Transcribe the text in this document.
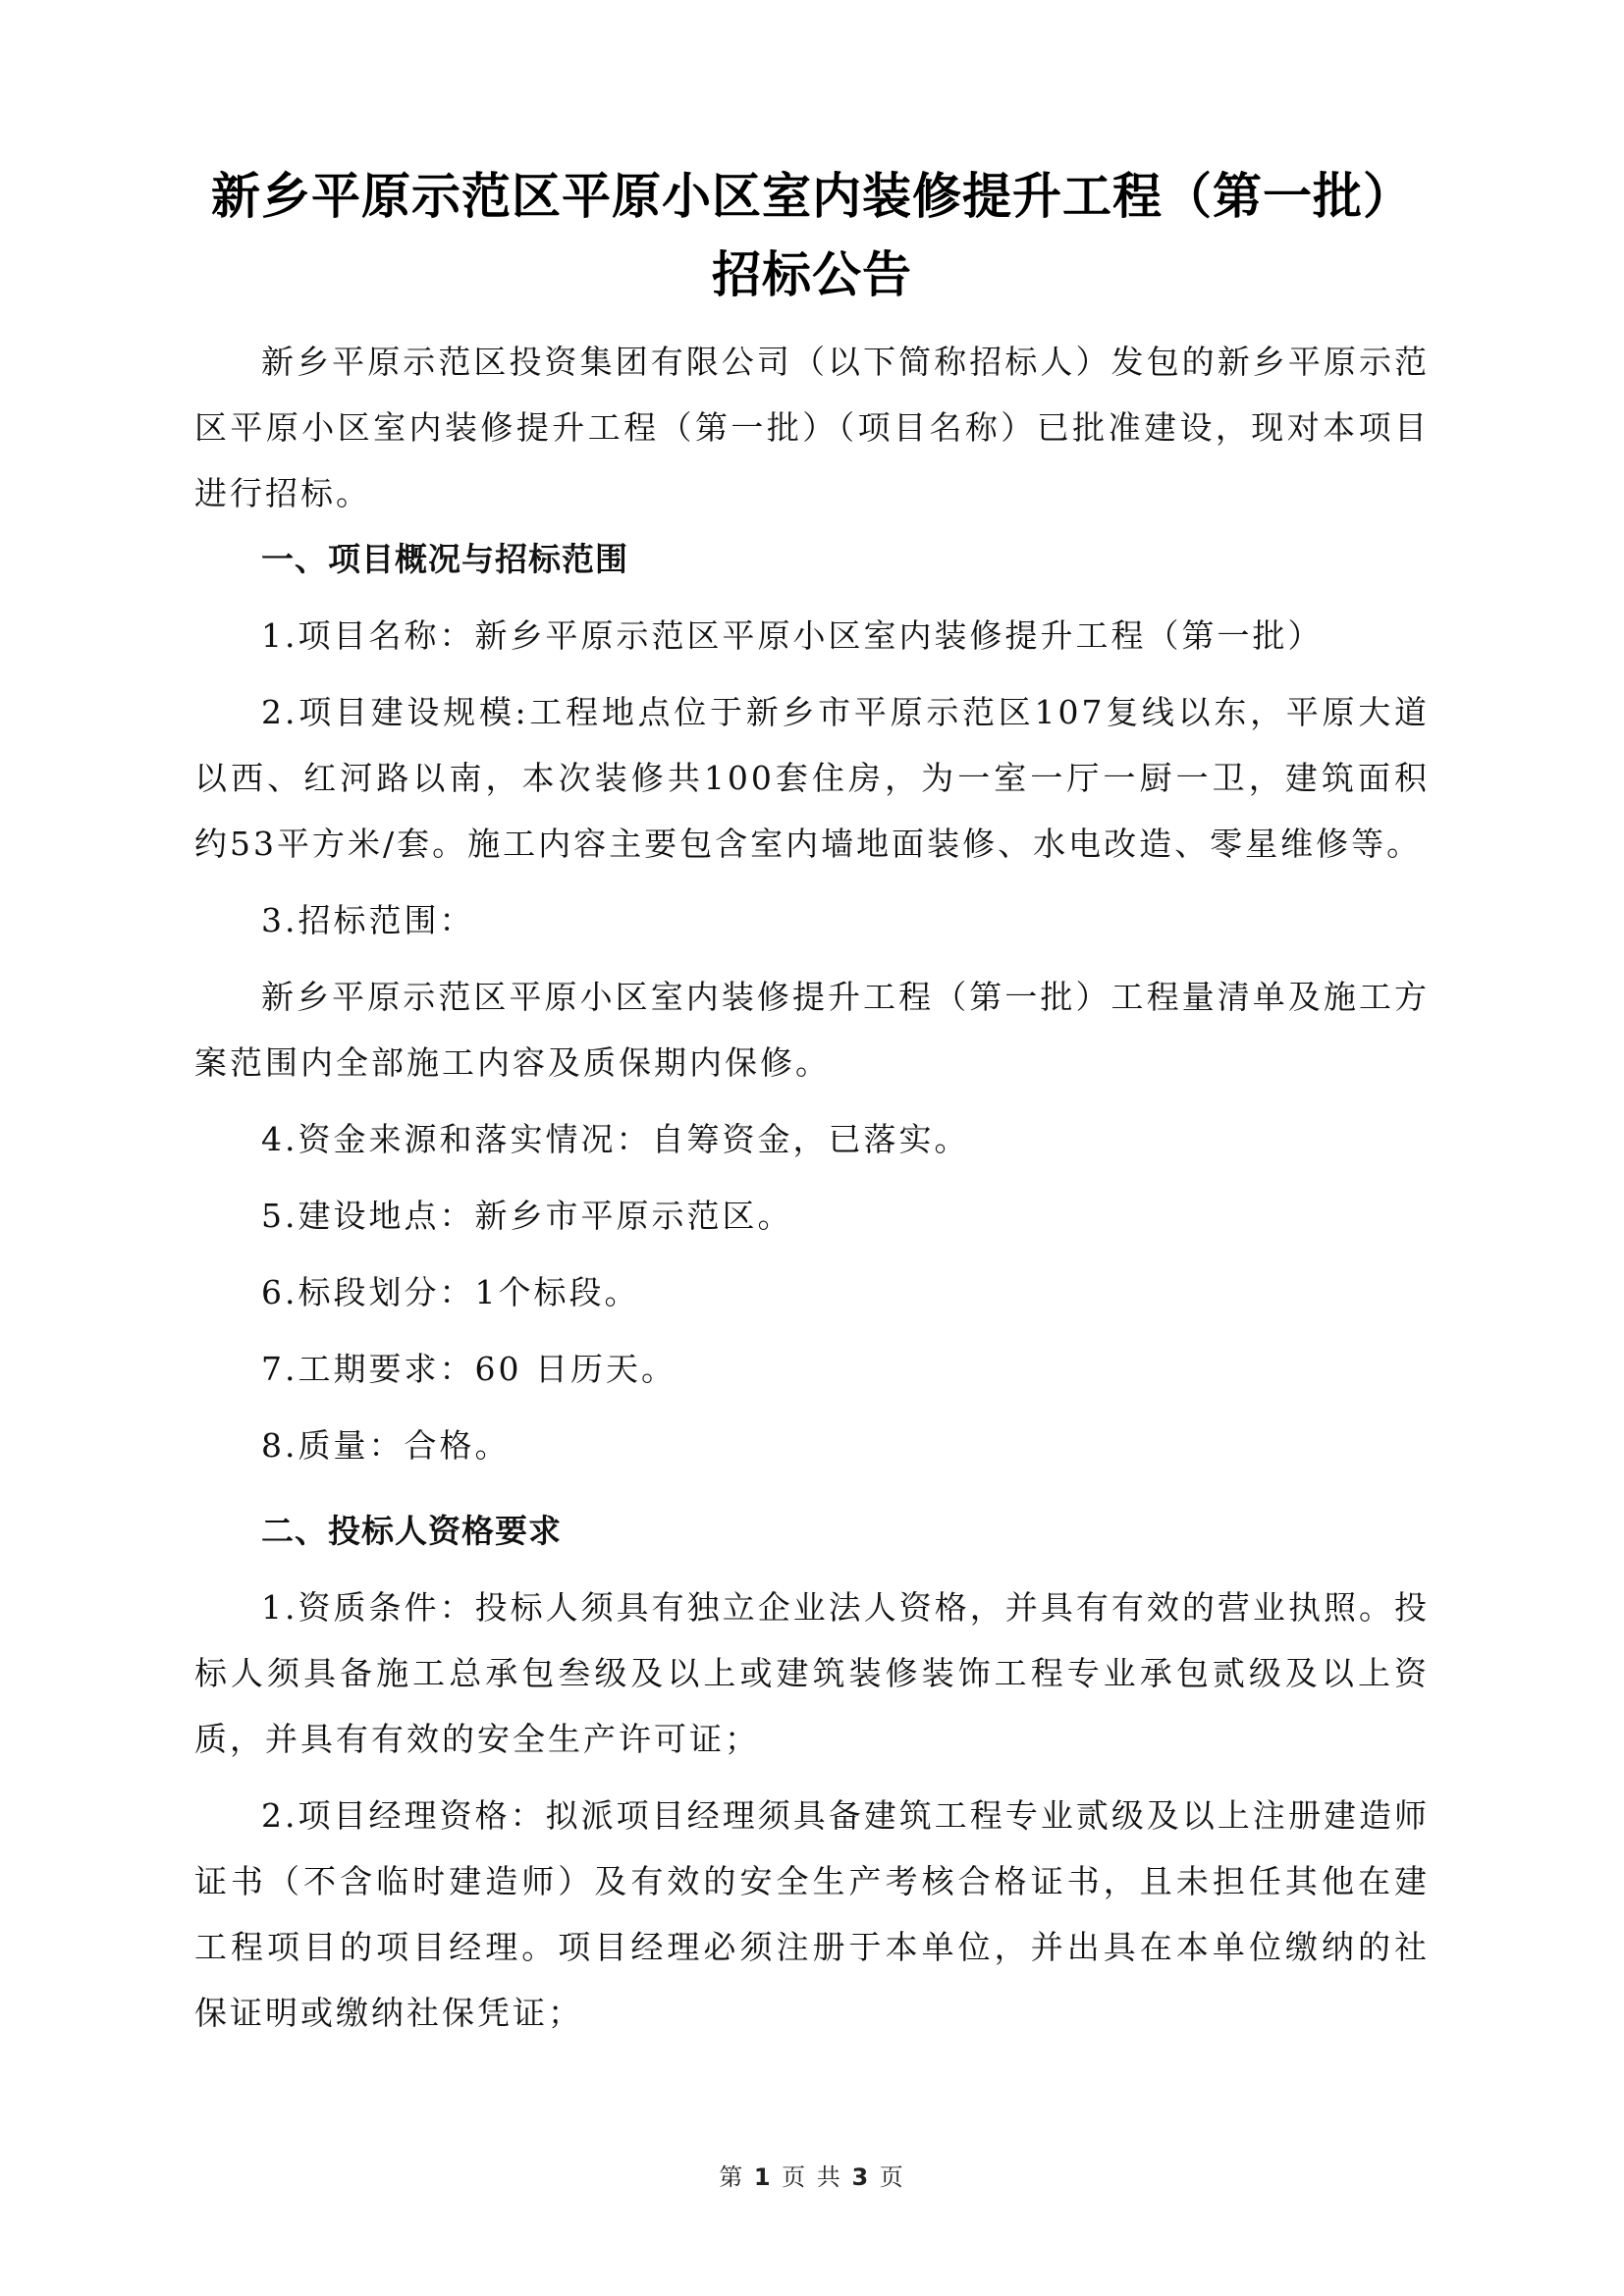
新乡平原示范区平原小区室内装修提升工程（第一批）
招标公告

新乡平原示范区投资集团有限公司（以下简称招标人）发包的新乡平原示范区平原小区室内装修提升工程（第一批）（项目名称）已批准建设，现对本项目进行招标。

一、项目概况与招标范围

1.项目名称：新乡平原示范区平原小区室内装修提升工程（第一批）

2.项目建设规模:工程地点位于新乡市平原示范区107复线以东，平原大道以西、红河路以南，本次装修共100套住房，为一室一厅一厨一卫，建筑面积约53平方米/套。施工内容主要包含室内墙地面装修、水电改造、零星维修等。

3.招标范围：

新乡平原示范区平原小区室内装修提升工程（第一批）工程量清单及施工方案范围内全部施工内容及质保期内保修。

4.资金来源和落实情况：自筹资金，已落实。

5.建设地点：新乡市平原示范区。

6.标段划分：1个标段。

7.工期要求：60 日历天。

8.质量：合格。

二、投标人资格要求

1.资质条件：投标人须具有独立企业法人资格，并具有有效的营业执照。投标人须具备施工总承包叁级及以上或建筑装修装饰工程专业承包贰级及以上资质，并具有有效的安全生产许可证；

2.项目经理资格：拟派项目经理须具备建筑工程专业贰级及以上注册建造师证书（不含临时建造师）及有效的安全生产考核合格证书，且未担任其他在建工程项目的项目经理。项目经理必须注册于本单位，并出具在本单位缴纳的社保证明或缴纳社保凭证；

第 1 页 共 3 页
